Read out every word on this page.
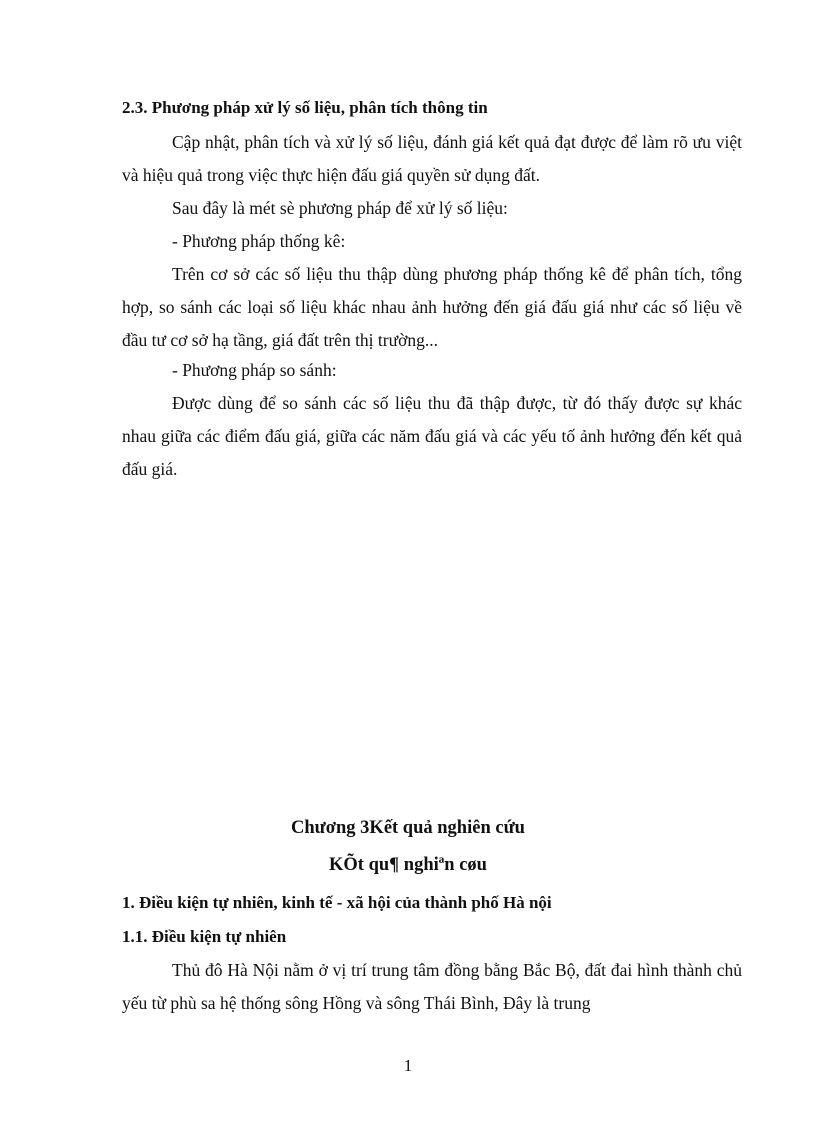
2.3. Phương pháp xử lý số liệu, phân tích thông tin

Cập nhật, phân tích và xử lý số liệu, đánh giá kết quả đạt được để làm rõ ưu việt và hiệu quả trong việc thực hiện đấu giá quyền sử dụng đất.

Sau đây là mét sè phương pháp để xử lý số liệu:

- Phương pháp thống kê:

Trên cơ sở các số liệu thu thập dùng phương pháp thống kê để phân tích, tổng hợp, so sánh các loại số liệu khác nhau ảnh hưởng đến giá đấu giá như các số liệu về đầu tư cơ sở hạ tầng, giá đất trên thị trường...

- Phương pháp so sánh:

Được dùng để so sánh các số liệu thu đã thập được, từ đó thấy được sự khác nhau giữa các điểm đấu giá, giữa các năm đấu giá và các yếu tố ảnh hưởng đến kết quả đấu giá.

Chương 3Kết quả nghiên cứu

KÕt qu¶ nghiªn cøu

1. Điều kiện tự nhiên, kinh tế - xã hội của thành phố Hà nội

1.1. Điều kiện tự nhiên

Thủ đô Hà Nội nằm ở vị trí trung tâm đồng bằng Bắc Bộ, đất đai hình thành chủ yếu từ phù sa hệ thống sông Hồng và sông Thái Bình, Đây là trung

1
